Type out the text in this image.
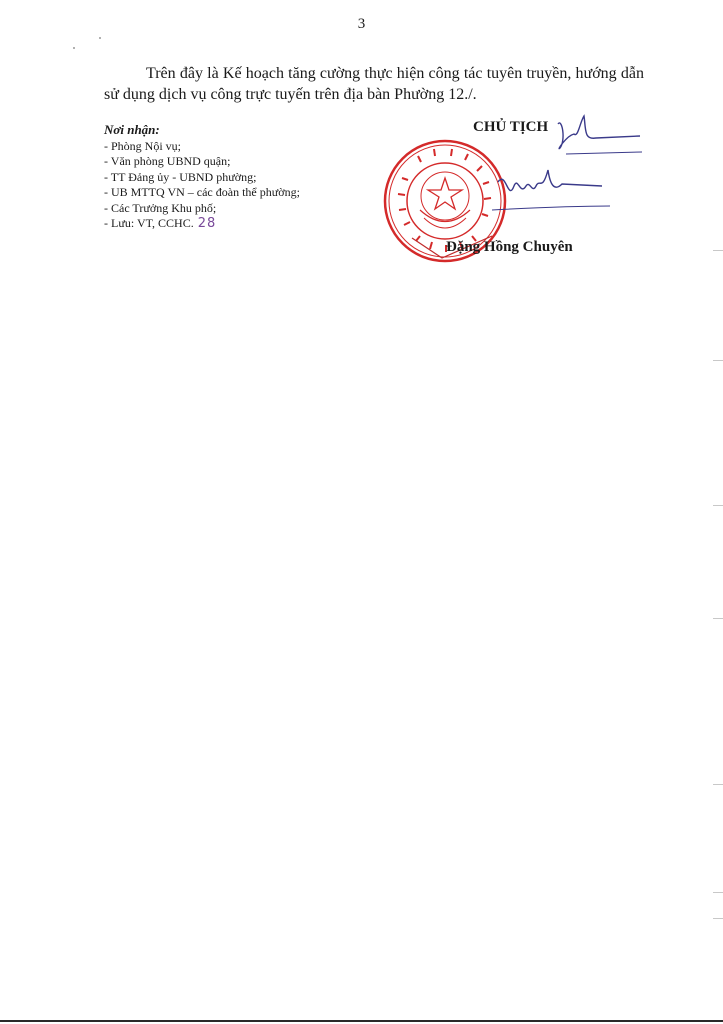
3

Trên đây là Kế hoạch tăng cường thực hiện công tác tuyên truyền, hướng dẫn sử dụng dịch vụ công trực tuyến trên địa bàn Phường 12./.

Nơi nhận:
- Phòng Nội vụ;
- Văn phòng UBND quận;
- TT Đảng ủy - UBND phường;
- UB MTTQ VN – các đoàn thể phường;
- Các Trưởng Khu phố;
- Lưu: VT, CCHC. 28
CHỦ TỊCH
Đặng Hồng Chuyên
